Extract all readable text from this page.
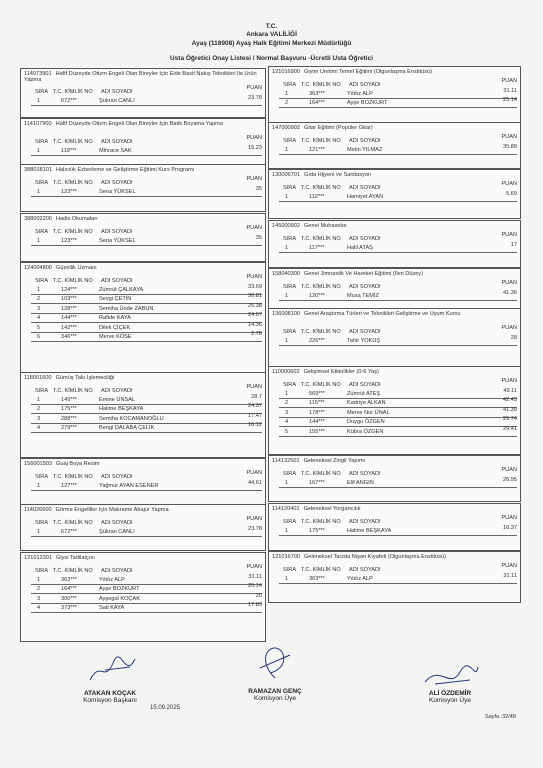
T.C.
Ankara VALİLİĞİ
Ayaş (118908) Ayaş Halk Eğitimi Merkezi Müdürlüğü
Usta Öğretici Onay Listesi / Normal Başvuru -Ücretli Usta Öğretici
114073901 Hafif Düzeyde Otizm Engeli Olan Bireyler İçin Elde Basit Nakış Teknikleri İle Ürün Yapma
SIRA T.C. KİMLİK NO ADI SOYADI
PUAN
1	672***	Şükran CANLI	23.78
114107900 Hafif Düzeyde Otizm Engeli Olan Bireyler İçin Batik Boyama Yapma
SIRA T.C. KİMLİK NO ADI SOYADI
PUAN
1	119***	Mihrace SAK	15.23
388018101 Halıcılık Ezberleme ve Geliştirme Eğitimi Kurs Programı
SIRA T.C. KİMLİK NO ADI SOYADI
PUAN
1	123***	Sena YÜKSEL	35
388002200 Hadis Okumaları
SIRA T.C. KİMLİK NO ADI SOYADI
PUAN
1	123***	Sena YÜKSEL	35
124004800 Güzellik Uzmanı
SIRA T.C. KİMLİK NO ADI SOYADI
PUAN
1	124***	Zümrüt ÇALKAYA	33.69
2	103***	Sevgi ÇETİN	30.81
3	128***	Semiha Ünde ZABUN	25.38
4	144***	Rafide KAYA	24.07
5	142***	Dilek ÇİÇEK	14.36
6	346***	Merve KÖSE	2.78
118001600 Gümüş Takı İşlemeciliği
SIRA T.C. KİMLİK NO ADI SOYADI
PUAN
1	149***	Emine ÜNSAL	28.7
2	175***	Halime BEŞKAYA	24.37
3	288***	Semiha KOCAMANOĞLU	17.47
4	279***	Bengi DALABA ÇELİK	16.12
156001503 Guaj Boya Resim
SIRA T.C. KİMLİK NO ADI SOYADI
PUAN
1	127***	Yağmur AYAN ESENER	44.61
114026600 Görme Engelliler İçin Makrame Abajur Yapma
SIRA T.C. KİMLİK NO ADI SOYADI
PUAN
1	672***	Şükran CANLI	23.78
121012301 Giysi Tadilatçısı
SIRA T.C. KİMLİK NO ADI SOYADI
PUAN
1	363***	Yıldız ALP	31.11
2	164***	Ayşe BOZKURT	25.14
3	300***	Ayşegül KOÇAK	20
4	373***	Sati KAYA	17.83
121016900 Giyim Üretimi Temel Eğitimi (Olgunlaşma Enstitüsü)
SIRA T.C. KİMLİK NO ADI SOYADI
PUAN
1	363***	Yıldız ALP	31.11
2	164***	Ayşe BOZKURT	25.14
147000902 Gitar Eğitimi (Popüler Gitar)
SIRA T.C. KİMLİK NO ADI SOYADI
PUAN
1	121***	Metin YILMAZ	35.89
130006701 Gıda Hijyeni ve Sanitasyon
SIRA T.C. KİMLİK NO ADI SOYADI
PUAN
1	112***	Hamiyet AYAN	5.69
145000902 Genel Muhasebe
SIRA T.C. KİMLİK NO ADI SOYADI
PUAN
1	117***	Halil ATAŞ	17
158040300 Genel Jimnastik Ve Hareket Eğitimi (İleri Düzey)
SIRA T.C. KİMLİK NO ADI SOYADI
PUAN
1	120***	Musa TEMİZ	41.36
136008100 Genel Araştırma Türleri ve Teknikleri Geliştirme ve Uyum Kursu
SIRA T.C. KİMLİK NO ADI SOYADI
PUAN
1	226***	Tahir YOKUŞ	28
110000602 Gelişimsel Etkinlikler (0-6 Yaş)
SIRA T.C. KİMLİK NO ADI SOYADI
PUAN
1	569***	Zümrüt ATEŞ	49.11
2	115***	Kadriye ALKAN	42.43
3	178***	Merve Nur ÜNAL	41.39
4	144***	Duygu ÖZGEN	29.74
5	155***	Kübra ÖZGEN	29.41
114132501 Geleneksel Zingil Yapımı
SIRA T.C. KİMLİK NO ADI SOYADI
PUAN
1	167***	Elif ANGIN	26.95
114120401 Geleneksel Yorgancılık
SIRA T.C. KİMLİK NO ADI SOYADI
PUAN
1	175***	Halime BEŞKAYA	16.37
121016700 Geleneksel Tarzda Nişan Kıyafeti (Olgunlaşma Enstitüsü)
SIRA T.C. KİMLİK NO ADI SOYADI
PUAN
1	363***	Yıldız ALP	31.11
ATAKAN KOÇAK
Komisyon Başkanı
15.09.2025
RAMAZAN GENÇ
Komisyon Üye
ALİ ÖZDEMİR
Komisyon Üye
Sayfa :32/48
